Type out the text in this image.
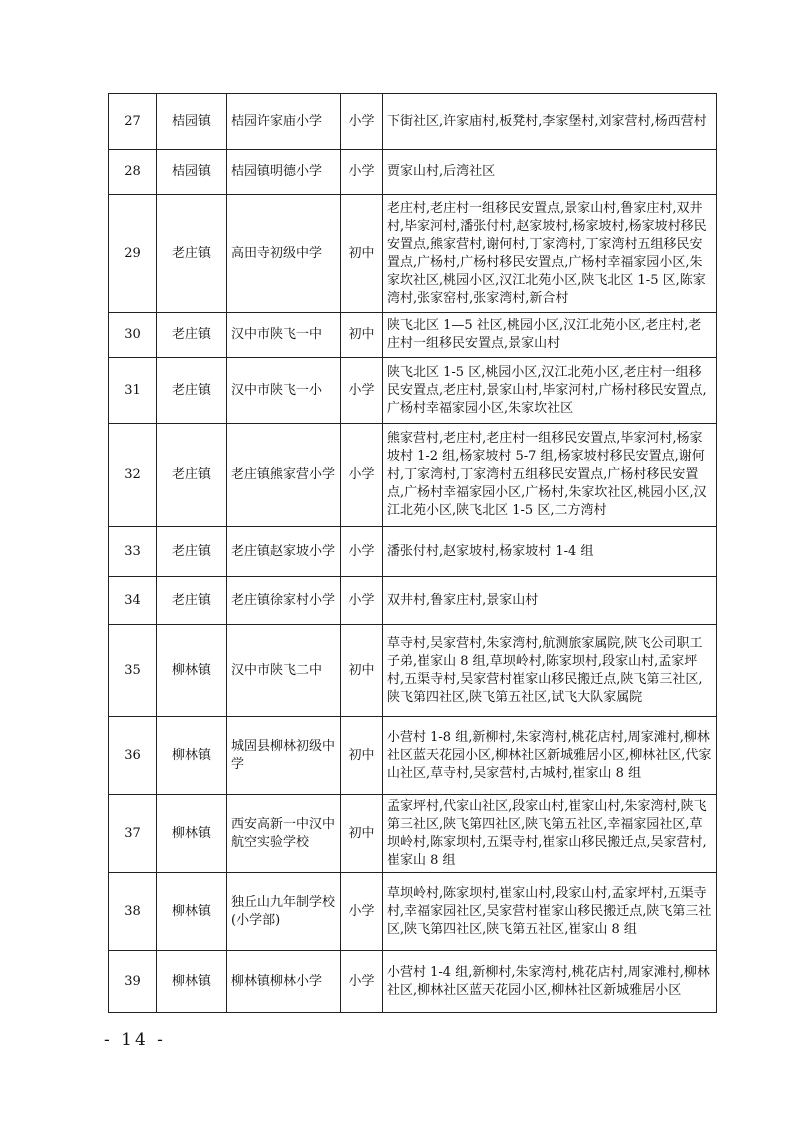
27	桔园镇	桔园许家庙小学	小学	下街社区,许家庙村,板凳村,李家堡村,刘家营村,杨西营村
28	桔园镇	桔园镇明德小学	小学	贾家山村,后湾社区
29	老庄镇	高田寺初级中学	初中	老庄村,老庄村一组移民安置点,景家山村,鲁家庄村,双井村,毕家河村,潘张付村,赵家坡村,杨家坡村,杨家坡村移民安置点,熊家营村,谢何村,丁家湾村,丁家湾村五组移民安置点,广杨村,广杨村移民安置点,广杨村幸福家园小区,朱家坎社区,桃园小区,汉江北苑小区,陕飞北区 1-5 区,陈家湾村,张家窑村,张家湾村,新合村
30	老庄镇	汉中市陕飞一中	初中	陕飞北区 1—5 社区,桃园小区,汉江北苑小区,老庄村,老庄村一组移民安置点,景家山村
31	老庄镇	汉中市陕飞一小	小学	陕飞北区 1-5 区,桃园小区,汉江北苑小区,老庄村一组移民安置点,老庄村,景家山村,毕家河村,广杨村移民安置点,广杨村幸福家园小区,朱家坎社区
32	老庄镇	老庄镇熊家营小学	小学	熊家营村,老庄村,老庄村一组移民安置点,毕家河村,杨家坡村 1-2 组,杨家坡村 5-7 组,杨家坡村移民安置点,谢何村,丁家湾村,丁家湾村五组移民安置点,广杨村移民安置点,广杨村幸福家园小区,广杨村,朱家坎社区,桃园小区,汉江北苑小区,陕飞北区 1-5 区,二方湾村
33	老庄镇	老庄镇赵家坡小学	小学	潘张付村,赵家坡村,杨家坡村 1-4 组
34	老庄镇	老庄镇徐家村小学	小学	双井村,鲁家庄村,景家山村
35	柳林镇	汉中市陕飞二中	初中	草寺村,吴家营村,朱家湾村,航测旅家属院,陕飞公司职工子弟,崔家山 8 组,草坝岭村,陈家坝村,段家山村,孟家坪村,五渠寺村,吴家营村崔家山移民搬迁点,陕飞第三社区,陕飞第四社区,陕飞第五社区,试飞大队家属院
36	柳林镇	城固县柳林初级中学	初中	小营村 1-8 组,新柳村,朱家湾村,桃花店村,周家滩村,柳林社区蓝天花园小区,柳林社区新城雅居小区,柳林社区,代家山社区,草寺村,吴家营村,古城村,崔家山 8 组
37	柳林镇	西安高新一中汉中航空实验学校	初中	孟家坪村,代家山社区,段家山村,崔家山村,朱家湾村,陕飞第三社区,陕飞第四社区,陕飞第五社区,幸福家园社区,草坝岭村,陈家坝村,五渠寺村,崔家山移民搬迁点,吴家营村,崔家山 8 组
38	柳林镇	独丘山九年制学校(小学部)	小学	草坝岭村,陈家坝村,崔家山村,段家山村,孟家坪村,五渠寺村,幸福家园社区,吴家营村崔家山移民搬迁点,陕飞第三社区,陕飞第四社区,陕飞第五社区,崔家山 8 组
39	柳林镇	柳林镇柳林小学	小学	小营村 1-4 组,新柳村,朱家湾村,桃花店村,周家滩村,柳林社区,柳林社区蓝天花园小区,柳林社区新城雅居小区
- 14 -
